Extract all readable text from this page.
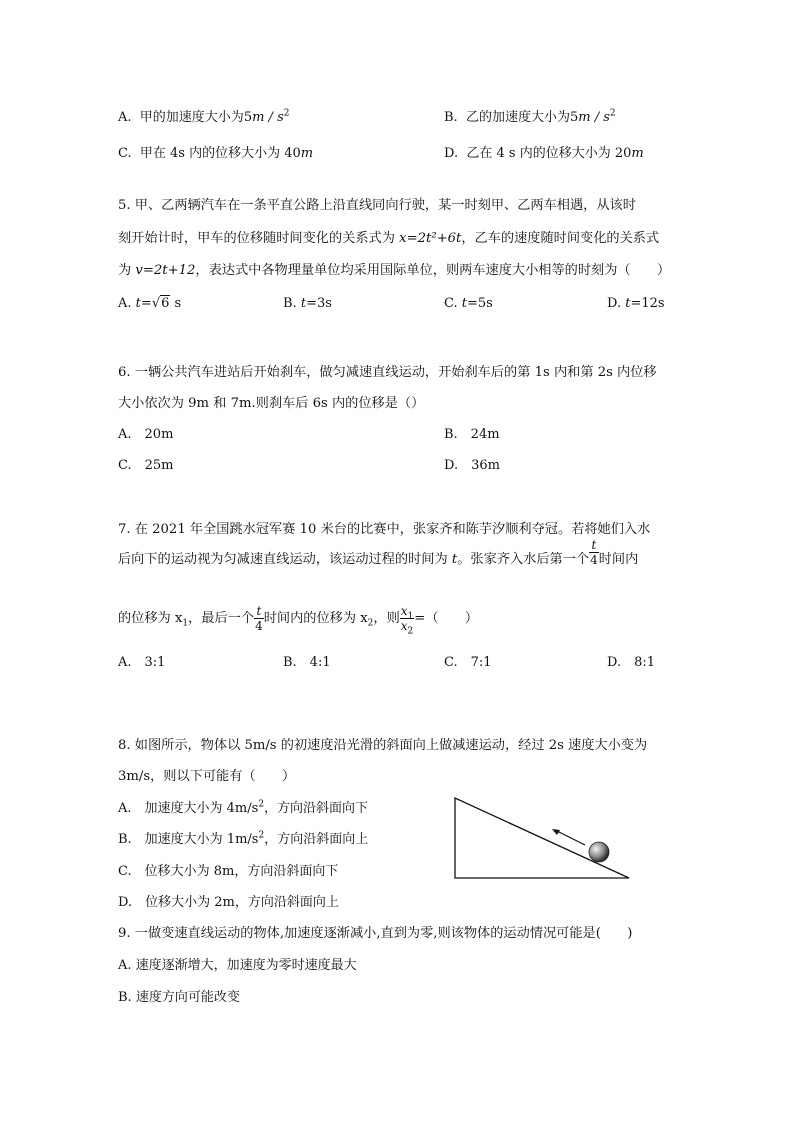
A. 甲的加速度大小为$5m / s^2$	B. 乙的加速度大小为$5m / s^2$
C. 甲在 4s 内的位移大小为 40m	D. 乙在 4 s 内的位移大小为 20m
5. 甲、乙两辆汽车在一条平直公路上沿直线同向行驶，某一时刻甲、乙两车相遇，从该时
刻开始计时，甲车的位移随时间变化的关系式为 x=2t²+6t，乙车的速度随时间变化的关系式
为 v=2t+12，表达式中各物理量单位均采用国际单位，则两车速度大小相等的时刻为（　　）
A. t=√6 s	B. t=3s	C. t=5s	D. t=12s
6. 一辆公共汽车进站后开始刹车，做匀减速直线运动，开始刹车后的第 1s 内和第 2s 内位移
大小依次为 9m 和 7m.则刹车后 6s 内的位移是（）
A.　20m	B.　24m
C.　25m	D.　36m
7. 在 2021 年全国跳水冠军赛 10 米台的比赛中，张家齐和陈芋汐顺利夺冠。若将她们入水
后向下的运动视为匀减速直线运动，该运动过程的时间为 t。张家齐入水后第一个 $\frac{t}{4}$ 时间内
的位移为 $x_1$，最后一个 $\frac{t}{4}$ 时间内的位移为 $x_2$，则 $\frac{x_1}{x_2}$ =（　　）
A.　3:1	B.　4:1	C.　7:1	D.　8:1
8. 如图所示，物体以 5m/s 的初速度沿光滑的斜面向上做减速运动，经过 2s 速度大小变为
3m/s，则以下可能有（　　）
A.　加速度大小为 $4m/s^2$，方向沿斜面向下
B.　加速度大小为 $1m/s^2$，方向沿斜面向上
C.　位移大小为 8m，方向沿斜面向下
D.　位移大小为 2m，方向沿斜面向上
9. 一做变速直线运动的物体,加速度逐渐减小,直到为零,则该物体的运动情况可能是(　　)
A. 速度逐渐增大，加速度为零时速度最大
B. 速度方向可能改变
